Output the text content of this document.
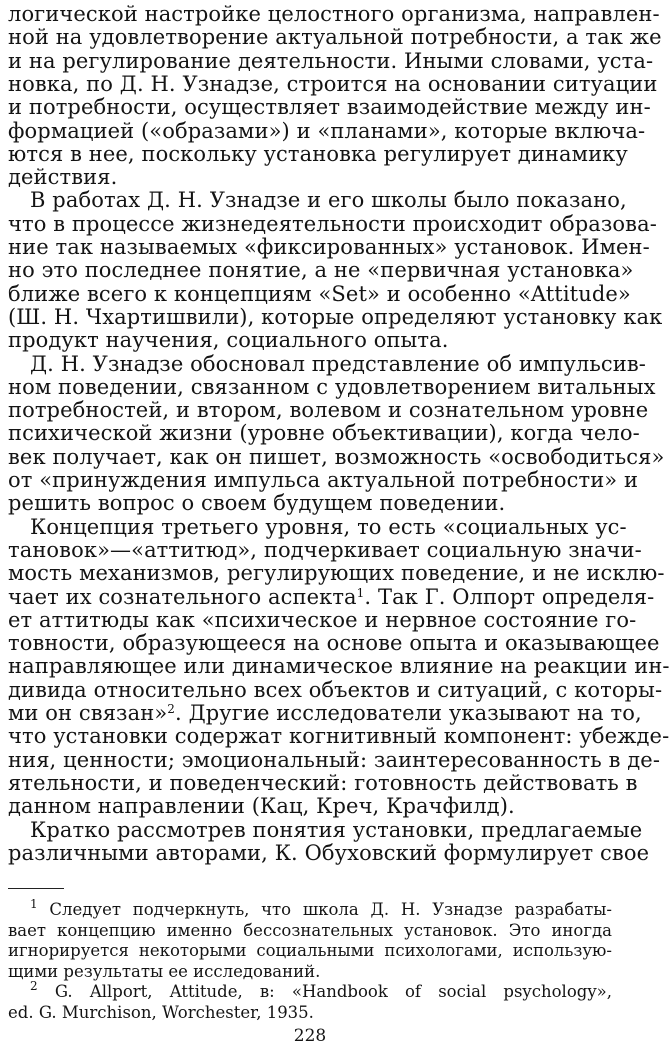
логической настройке целостного организма, направлен-
ной на удовлетворение актуальной потребности, а так же
и на регулирование деятельности. Иными словами, уста-
новка, по Д. Н. Узнадзе, строится на основании ситуации
и потребности, осуществляет взаимодействие между ин-
формацией («образами») и «планами», которые включа-
ются в нее, поскольку установка регулирует динамику
действия.
В работах Д. Н. Узнадзе и его школы было показано,
что в процессе жизнедеятельности происходит образова-
ние так называемых «фиксированных» установок. Имен-
но это последнее понятие, а не «первичная установка»
ближе всего к концепциям «Set» и особенно «Attitude»
(Ш. Н. Чхартишвили), которые определяют установку как
продукт научения, социального опыта.
Д. Н. Узнадзе обосновал представление об импульсив-
ном поведении, связанном с удовлетворением витальных
потребностей, и втором, волевом и сознательном уровне
психической жизни (уровне объективации), когда чело-
век получает, как он пишет, возможность «освободиться»
от «принуждения импульса актуальной потребности» и
решить вопрос о своем будущем поведении.
Концепция третьего уровня, то есть «социальных ус-
тановок»—«аттитюд», подчеркивает социальную значи-
мость механизмов, регулирующих поведение, и не исклю-
чает их сознательного аспекта$^1$. Так Г. Олпорт определя-
ет аттитюды как «психическое и нервное состояние го-
товности, образующееся на основе опыта и оказывающее
направляющее или динамическое влияние на реакции ин-
дивида относительно всех объектов и ситуаций, с которы-
ми он связан»$^2$. Другие исследователи указывают на то,
что установки содержат когнитивный компонент: убежде-
ния, ценности; эмоциональный: заинтересованность в де-
ятельности, и поведенческий: готовность действовать в
данном направлении (Кац, Креч, Крачфилд).
Кратко рассмотрев понятия установки, предлагаемые
различными авторами, К. Обуховский формулирует свое
$^1$ Следует подчеркнуть, что школа Д. Н. Узнадзе разрабаты-
вает концепцию именно бессознательных установок. Это иногда
игнорируется некоторыми социальными психологами, использую-
щими результаты ее исследований.
$^2$ G. Allport, Attitude, в: «Handbook of social psychology»,
ed. G. Murchison, Worchester, 1935.
228
